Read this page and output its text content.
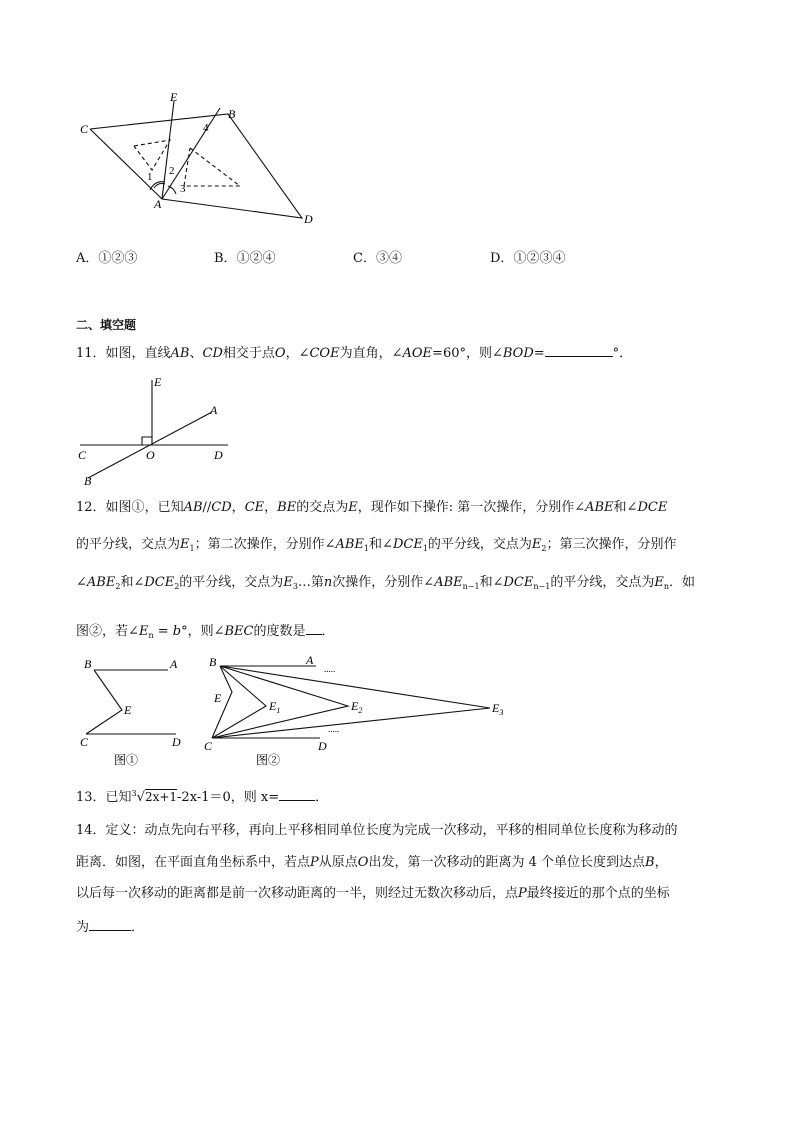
E
B
C
A
D
4
2
1
3
A．①②③	B．①②④	C．③④	D．①②③④
二、填空题
11．如图，直线AB、CD相交于点O，∠COE为直角，∠AOE=60°，则∠BOD=	°．
E
A
C	O	D
B
12．如图①，已知AB//CD，CE，BE的交点为E，现作如下操作: 第一次操作，分别作∠ABE和∠DCE
的平分线，交点为$E_1$；第二次操作，分别作$\angle ABE_1$和$\angle DCE_1$的平分线，交点为$E_2$；第三次操作，分别作
$\angle ABE_2$和$\angle DCE_2$的平分线，交点为$E_3\dots$第n次操作，分别作$\angle ABE_{n-1}$和$\angle DCE_{n-1}$的平分线，交点为$E_n$．如
图②，若$\angle E_n = b^\circ$，则∠BEC的度数是 ．
B	A
E
C	D
图①
.....
.....
B	A
E
$E_1$	$E_2$	$E_3$
C	D
图②
13．已知$^3$√2x+1-2x-1＝0，则 x=	．
14．定义：动点先向右平移，再向上平移相同单位长度为完成一次移动，平移的相同单位长度称为移动的
距离．如图，在平面直角坐标系中，若点P从原点O出发，第一次移动的距离为 4 个单位长度到达点B，
以后每一次移动的距离都是前一次移动距离的一半，则经过无数次移动后，点P最终接近的那个点的坐标
为	．
